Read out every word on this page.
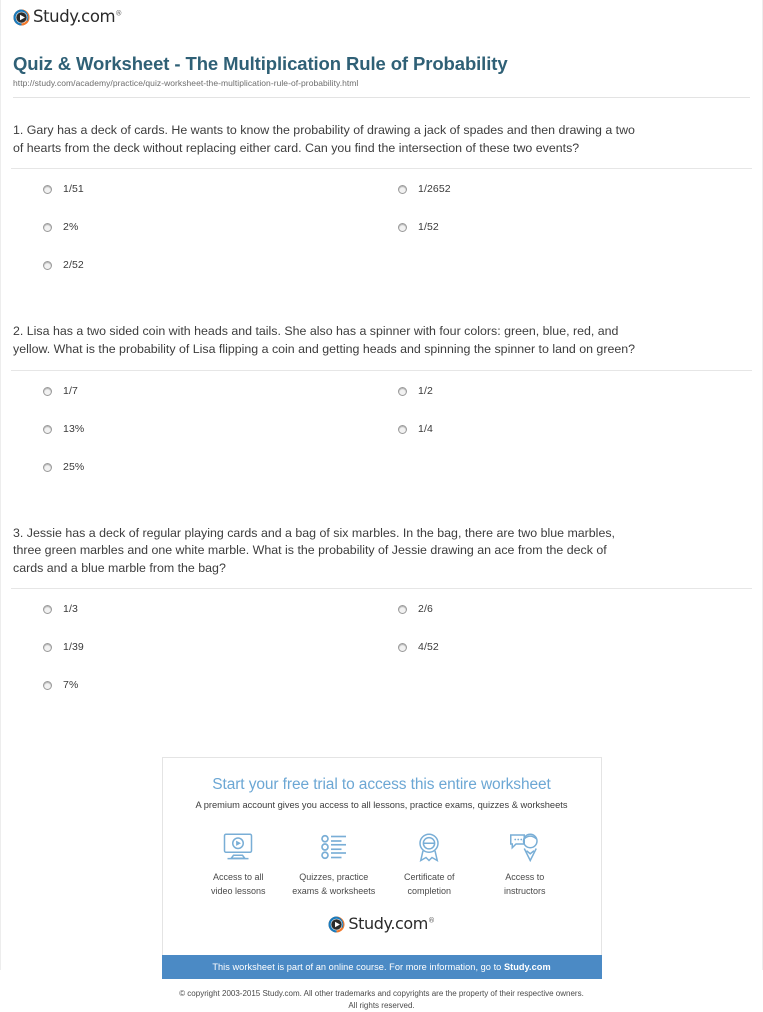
Study.com®
Quiz & Worksheet - The Multiplication Rule of Probability
http://study.com/academy/practice/quiz-worksheet-the-multiplication-rule-of-probability.html

1. Gary has a deck of cards. He wants to know the probability of drawing a jack of spades and then drawing a two of hearts from the deck without replacing either card. Can you find the intersection of these two events?

1/51
2%
2/52
1/2652
1/52

2. Lisa has a two sided coin with heads and tails. She also has a spinner with four colors: green, blue, red, and yellow. What is the probability of Lisa flipping a coin and getting heads and spinning the spinner to land on green?

1/7
13%
25%
1/2
1/4

3. Jessie has a deck of regular playing cards and a bag of six marbles. In the bag, there are two blue marbles, three green marbles and one white marble. What is the probability of Jessie drawing an ace from the deck of cards and a blue marble from the bag?

1/3
1/39
7%
2/6
4/52

Start your free trial to access this entire worksheet

A premium account gives you access to all lessons, practice exams, quizzes & worksheets

Access to all
video lessons
Quizzes, practice
exams & worksheets
Certificate of
completion
Access to
instructors
Study.com®
This worksheet is part of an online course. For more information, go to Study.com
© copyright 2003-2015 Study.com. All other trademarks and copyrights are the property of their respective owners.
All rights reserved.
